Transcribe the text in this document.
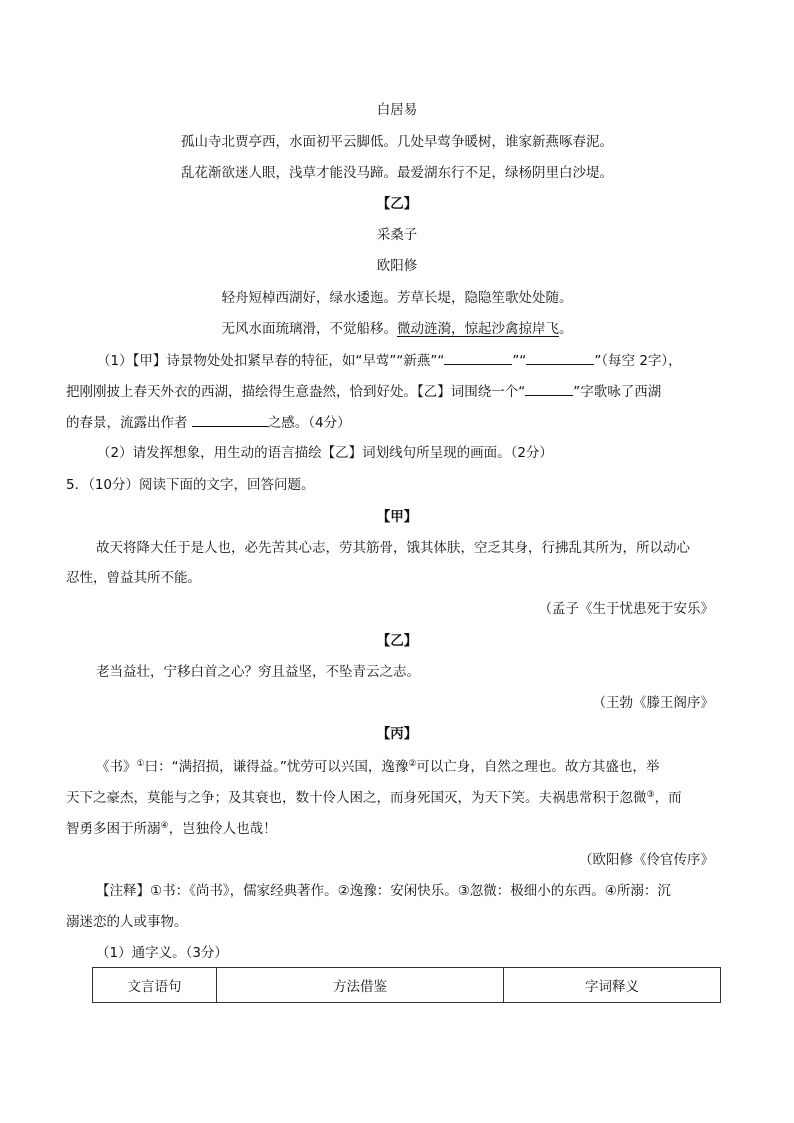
白居易
孤山寺北贾亭西，水面初平云脚低。几处早莺争暖树，谁家新燕啄春泥。
乱花渐欲迷人眼，浅草才能没马蹄。最爱湖东行不足，绿杨阴里白沙堤。
【乙】
采桑子
欧阳修
轻舟短棹西湖好，绿水逶迤。芳草长堤，隐隐笙歌处处随。
无风水面琉璃滑，不觉船移。微动涟漪，惊起沙禽掠岸飞。
（1）【甲】诗景物处处扣紧早春的特征，如“早莺”“新燕”“	”“	”（每空 2字），
把刚刚披上春天外衣的西湖，描绘得生意盎然，恰到好处。【乙】词围绕一个“	”字歌咏了西湖
的春景，流露出作者	之感。（4分）
（2）请发挥想象，用生动的语言描绘【乙】词划线句所呈现的画面。（2分）
5．（10分）阅读下面的文字，回答问题。
【甲】
故天将降大任于是人也，必先苦其心志，劳其筋骨，饿其体肤，空乏其身，行拂乱其所为，所以动心
忍性，曾益其所不能。
（孟子《生于忧患死于安乐》
【乙】
老当益壮，宁移白首之心？穷且益坚，不坠青云之志。
（王勃《滕王阁序》
【丙】
《书》①曰：“满招损，谦得益。”忧劳可以兴国，逸豫②可以亡身，自然之理也。故方其盛也，举
天下之豪杰，莫能与之争；及其衰也，数十伶人困之，而身死国灭，为天下笑。夫祸患常积于忽微③，而
智勇多困于所溺④，岂独伶人也哉！
（欧阳修《伶官传序》
【注释】①书：《尚书》，儒家经典著作。②逸豫：安闲快乐。③忽微：极细小的东西。④所溺：沉
溺迷恋的人或事物。
（1）通字义。（3分）
文言语句	方法借鉴	字词释义
